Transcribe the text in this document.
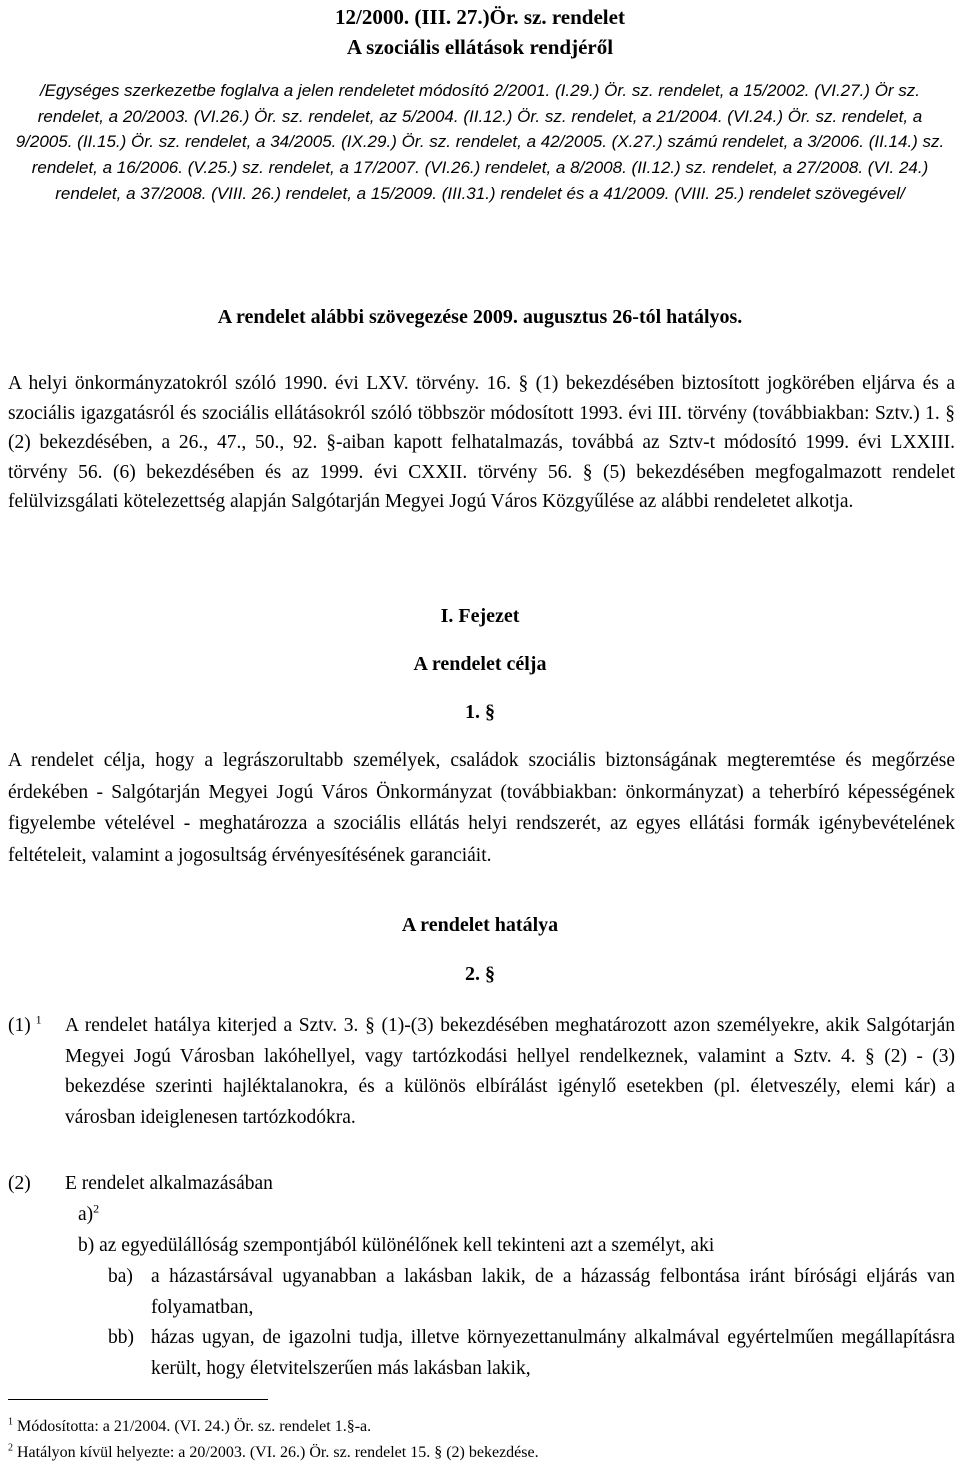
12/2000. (III. 27.)Ör. sz. rendelet
A szociális ellátások rendjéről
/Egységes szerkezetbe foglalva a jelen rendeletet módosító 2/2001. (I.29.) Ör. sz. rendelet, a 15/2002. (VI.27.) Ör sz. rendelet, a 20/2003. (VI.26.) Ör. sz. rendelet, az 5/2004. (II.12.) Ör. sz. rendelet, a 21/2004. (VI.24.) Ör. sz. rendelet, a 9/2005. (II.15.) Ör. sz. rendelet, a 34/2005. (IX.29.) Ör. sz. rendelet, a 42/2005. (X.27.) számú rendelet, a 3/2006. (II.14.) sz. rendelet, a 16/2006. (V.25.) sz. rendelet, a 17/2007. (VI.26.) rendelet, a 8/2008. (II.12.) sz. rendelet, a 27/2008. (VI. 24.) rendelet, a 37/2008. (VIII. 26.) rendelet, a 15/2009. (III.31.) rendelet és a 41/2009. (VIII. 25.) rendelet szövegével/
A rendelet alábbi szövegezése 2009. augusztus 26-tól hatályos.
A helyi önkormányzatokról szóló 1990. évi LXV. törvény. 16. § (1) bekezdésében biztosított jogkörében eljárva és a szociális igazgatásról és szociális ellátásokról szóló többször módosított 1993. évi III. törvény (továbbiakban: Sztv.) 1. § (2) bekezdésében, a 26., 47., 50., 92. §-aiban kapott felhatalmazás, továbbá az Sztv-t módosító 1999. évi LXXIII. törvény 56. (6) bekezdésében és az 1999. évi CXXII. törvény 56. § (5) bekezdésében megfogalmazott rendelet felülvizsgálati kötelezettség alapján Salgótarján Megyei Jogú Város Közgyűlése az alábbi rendeletet alkotja.
I. Fejezet
A rendelet célja
1. §
A rendelet célja, hogy a legrászorultabb személyek, családok szociális biztonságának megteremtése és megőrzése érdekében - Salgótarján Megyei Jogú Város Önkormányzat (továbbiakban: önkormányzat) a teherbíró képességének figyelembe vételével - meghatározza a szociális ellátás helyi rendszerét, az egyes ellátási formák igénybevételének feltételeit, valamint a jogosultság érvényesítésének garanciáit.
A rendelet hatálya
2. §
(1) $^1$ A rendelet hatálya kiterjed a Sztv. 3. § (1)-(3) bekezdésében meghatározott azon személyekre, akik Salgótarján Megyei Jogú Városban lakóhellyel, vagy tartózkodási hellyel rendelkeznek, valamint a Sztv. 4. § (2) - (3) bekezdése szerinti hajléktalanokra, és a különös elbírálást igénylő esetekben (pl. életveszély, elemi kár) a városban ideiglenesen tartózkodókra.
(2) E rendelet alkalmazásában
a)$^2$
b) az egyedülállóság szempontjából különélőnek kell tekinteni azt a személyt, aki
ba) a házastársával ugyanabban a lakásban lakik, de a házasság felbontása iránt bírósági eljárás van folyamatban,
bb) házas ugyan, de igazolni tudja, illetve környezettanulmány alkalmával egyértelműen megállapításra került, hogy életvitelszerűen más lakásban lakik,
$^1$ Módosította: a 21/2004. (VI. 24.) Ör. sz. rendelet 1.§-a.
$^2$ Hatályon kívül helyezte: a 20/2003. (VI. 26.) Ör. sz. rendelet 15. § (2) bekezdése.
